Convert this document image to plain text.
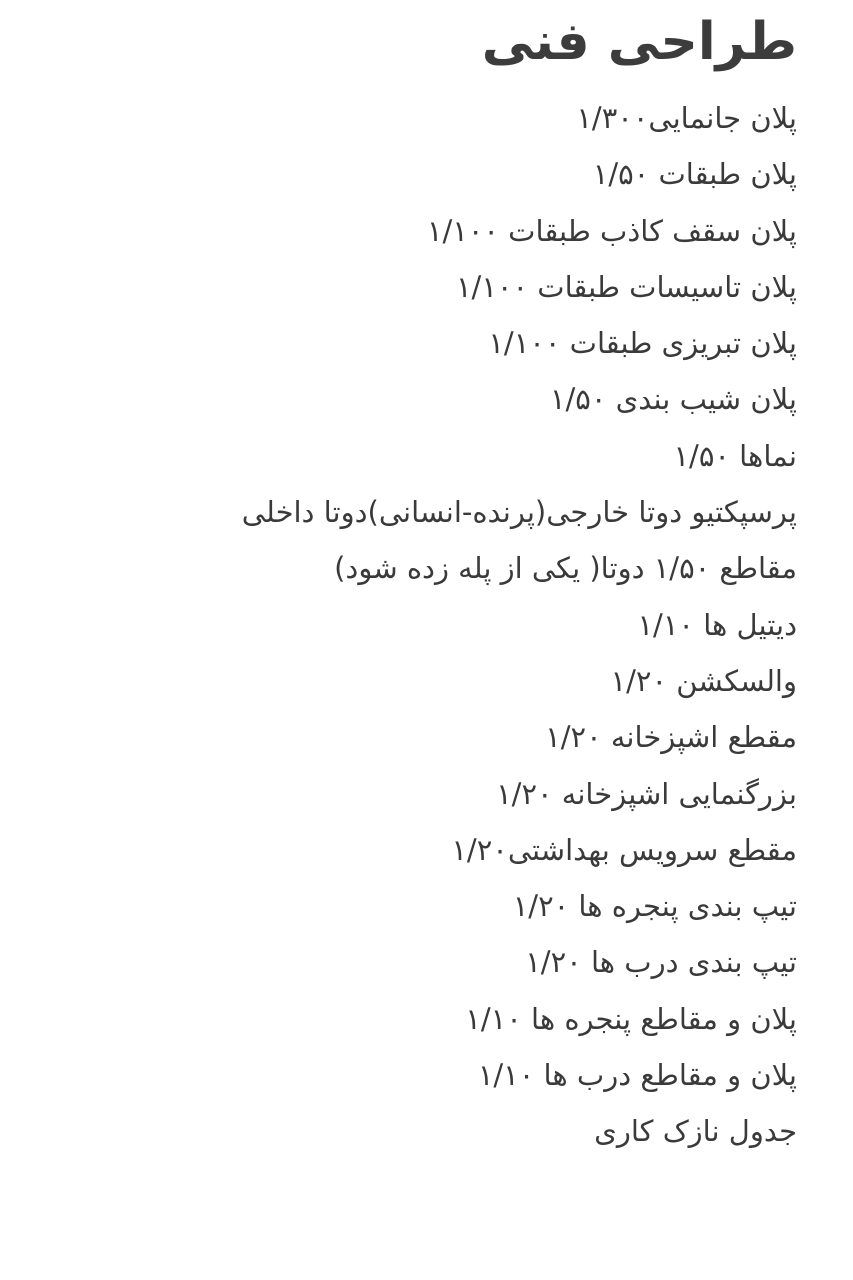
طراحی فنی
پلان جانمایی۱/۳۰۰
پلان طبقات ۱/۵۰
پلان سقف کاذب طبقات ۱/۱۰۰
پلان تاسیسات طبقات ۱/۱۰۰
پلان تبریزی طبقات ۱/۱۰۰
پلان شیب بندی ۱/۵۰
نماها ۱/۵۰
پرسپکتیو دوتا خارجی(پرنده-انسانی)دوتا داخلی
مقاطع ۱/۵۰ دوتا( یکی از پله زده شود)
دیتیل ها ۱/۱۰
والسکشن ۱/۲۰
مقطع اشپزخانه ۱/۲۰
بزرگنمایی اشپزخانه ۱/۲۰
مقطع سرویس بهداشتی۱/۲۰
تیپ بندی پنجره ها ۱/۲۰
تیپ بندی درب ها ۱/۲۰
پلان و مقاطع پنجره ها ۱/۱۰
پلان و مقاطع درب ها ۱/۱۰
جدول نازک کاری
